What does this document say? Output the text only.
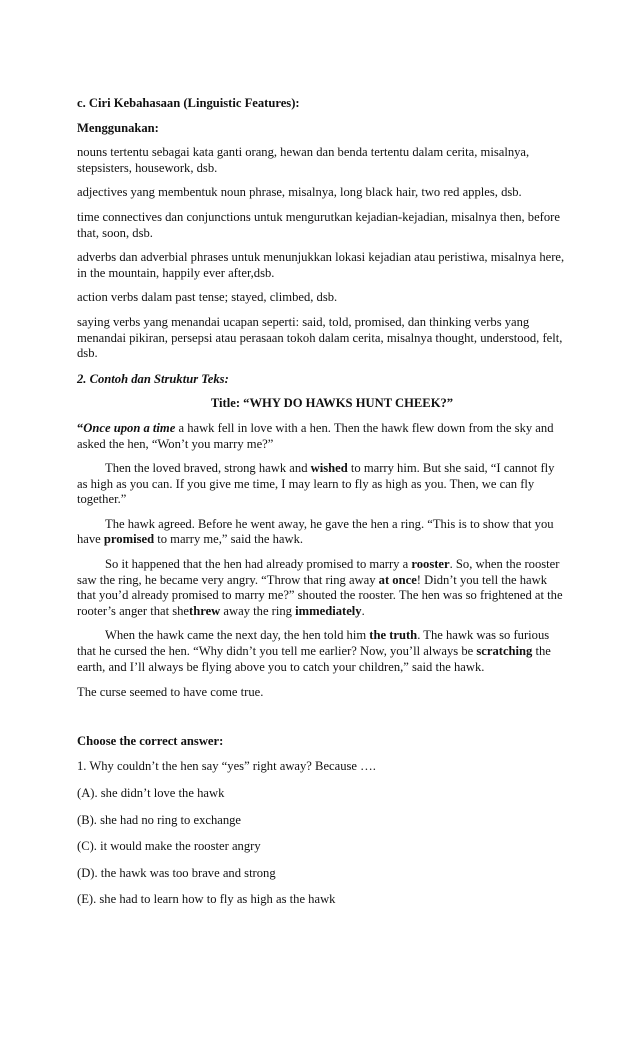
c. Ciri Kebahasaan (Linguistic Features):

Menggunakan:

nouns tertentu sebagai kata ganti orang, hewan dan benda tertentu dalam cerita, misalnya, stepsisters, housework, dsb.

adjectives yang membentuk noun phrase, misalnya, long black hair, two red apples, dsb.

time connectives dan conjunctions untuk mengurutkan kejadian-kejadian, misalnya then, before that, soon, dsb.

adverbs dan adverbial phrases untuk menunjukkan lokasi kejadian atau peristiwa, misalnya here, in the mountain, happily ever after,dsb.

action verbs dalam past tense; stayed, climbed, dsb.

saying verbs yang menandai ucapan seperti: said, told, promised, dan thinking verbs yang menandai pikiran, persepsi atau perasaan tokoh dalam cerita, misalnya thought, understood, felt, dsb.

2. Contoh dan Struktur Teks:

Title: “WHY DO HAWKS HUNT CHEEK?”

“Once upon a time a hawk fell in love with a hen. Then the hawk flew down from the sky and asked the hen, “Won’t you marry me?”

Then the loved braved, strong hawk and wished to marry him. But she said, “I cannot fly as high as you can. If you give me time, I may learn to fly as high as you. Then, we can fly together.”

The hawk agreed. Before he went away, he gave the hen a ring. “This is to show that you have promised to marry me,” said the hawk.

So it happened that the hen had already promised to marry a rooster. So, when the rooster saw the ring, he became very angry. “Throw that ring away at once! Didn’t you tell the hawk that you’d already promised to marry me?” shouted the rooster. The hen was so frightened at the rooter’s anger that shethrew away the ring immediately.

When the hawk came the next day, the hen told him the truth. The hawk was so furious that he cursed the hen. “Why didn’t you tell me earlier? Now, you’ll always be scratching the earth, and I’ll always be flying above you to catch your children,” said the hawk.

The curse seemed to have come true.

Choose the correct answer:

1. Why couldn’t the hen say “yes” right away? Because ….

(A). she didn’t love the hawk

(B). she had no ring to exchange

(C). it would make the rooster angry

(D). the hawk was too brave and strong

(E). she had to learn how to fly as high as the hawk
